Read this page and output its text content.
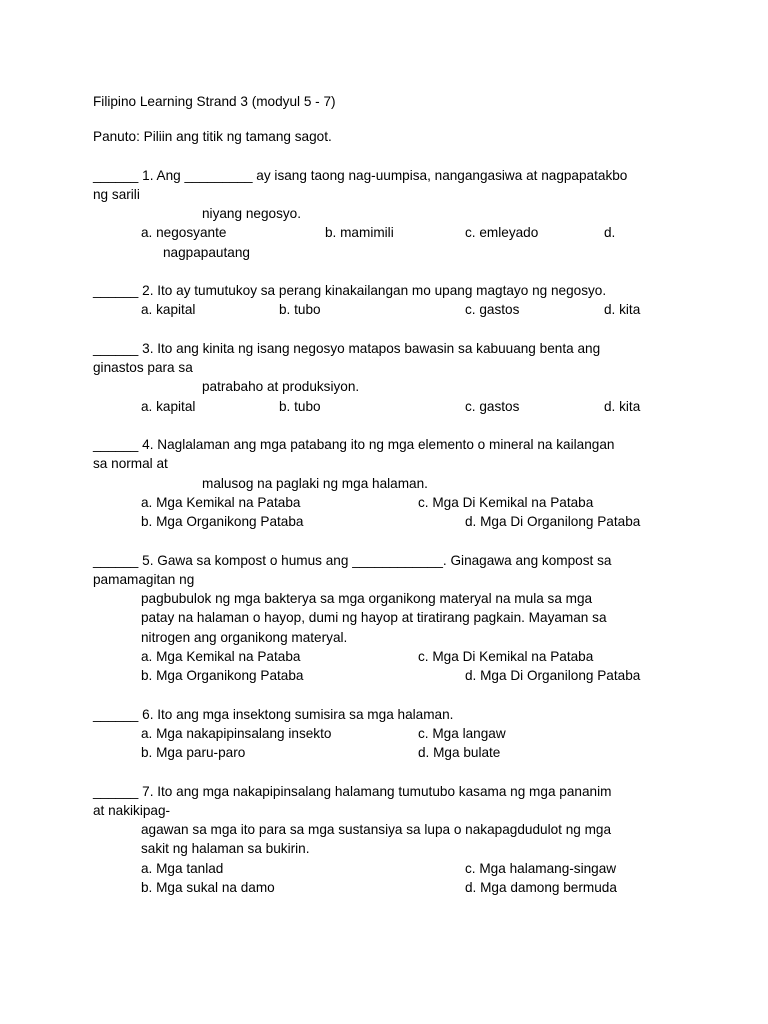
Filipino Learning Strand 3 (modyul 5 - 7)
Panuto: Piliin ang titik ng tamang sagot.
______ 1. Ang _________ ay isang taong nag-uumpisa, nangangasiwa at nagpapatakbo
ng sarili
niyang negosyo.
a. negosyante	b. mamimili	c. emleyado	d.
nagpapautang
______ 2. Ito ay tumutukoy sa perang kinakailangan mo upang magtayo ng negosyo.
a. kapital	b. tubo	c. gastos	d. kita
______ 3. Ito ang kinita ng isang negosyo matapos bawasin sa kabuuang benta ang
ginastos para sa
patrabaho at produksiyon.
a. kapital	b. tubo	c. gastos	d. kita
______ 4. Naglalaman ang mga patabang ito ng mga elemento o mineral na kailangan
sa normal at
malusog na paglaki ng mga halaman.
a. Mga Kemikal na Pataba	c. Mga Di Kemikal na Pataba
b. Mga Organikong Pataba	d. Mga Di Organilong Pataba
______ 5. Gawa sa kompost o humus ang ____________. Ginagawa ang kompost sa
pamamagitan ng
pagbubulok ng mga bakterya sa mga organikong materyal na mula sa mga
patay na halaman o hayop, dumi ng hayop at tiratirang pagkain. Mayaman sa
nitrogen ang organikong materyal.
a. Mga Kemikal na Pataba	c. Mga Di Kemikal na Pataba
b. Mga Organikong Pataba	d. Mga Di Organilong Pataba
______ 6. Ito ang mga insektong sumisira sa mga halaman.
a. Mga nakapipinsalang insekto	c. Mga langaw
b. Mga paru-paro	d. Mga bulate
______ 7. Ito ang mga nakapipinsalang halamang tumutubo kasama ng mga pananim
at nakikipag-
agawan sa mga ito para sa mga sustansiya sa lupa o nakapagdudulot ng mga
sakit ng halaman sa bukirin.
a. Mga tanlad	c. Mga halamang-singaw
b. Mga sukal na damo	d. Mga damong bermuda
